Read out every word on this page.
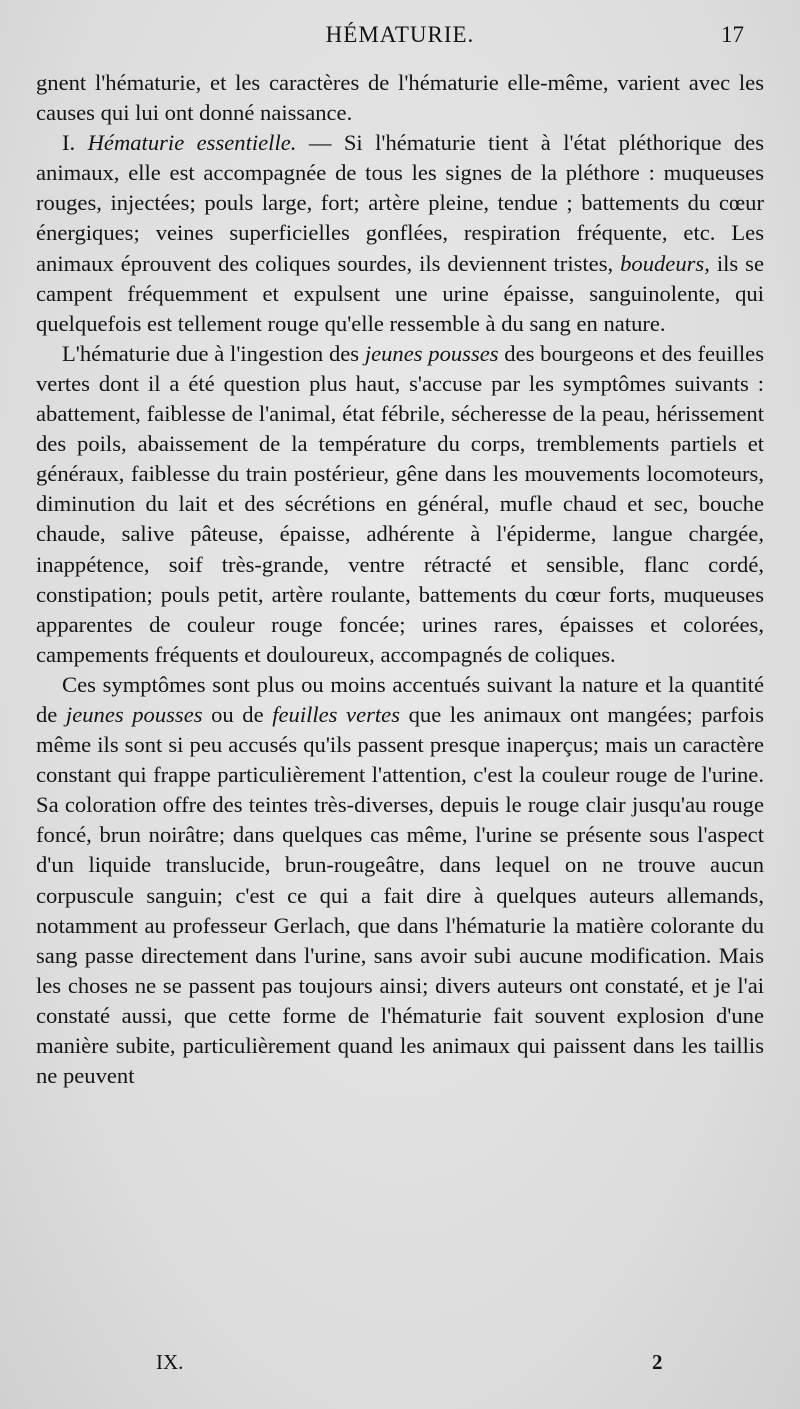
HÉMATURIE.	17

gnent l'hématurie, et les caractères de l'hématurie elle-même, varient avec les causes qui lui ont donné naissance.

I. Hématurie essentielle. — Si l'hématurie tient à l'état pléthorique des animaux, elle est accompagnée de tous les signes de la pléthore : muqueuses rouges, injectées; pouls large, fort; artère pleine, tendue ; battements du cœur énergiques; veines superficielles gonflées, respiration fréquente, etc. Les animaux éprouvent des coliques sourdes, ils deviennent tristes, boudeurs, ils se campent fréquemment et expulsent une urine épaisse, sanguinolente, qui quelquefois est tellement rouge qu'elle ressemble à du sang en nature.

L'hématurie due à l'ingestion des jeunes pousses des bourgeons et des feuilles vertes dont il a été question plus haut, s'accuse par les symptômes suivants : abattement, faiblesse de l'animal, état fébrile, sécheresse de la peau, hérissement des poils, abaissement de la température du corps, tremblements partiels et généraux, faiblesse du train postérieur, gêne dans les mouvements locomoteurs, diminution du lait et des sécrétions en général, mufle chaud et sec, bouche chaude, salive pâteuse, épaisse, adhérente à l'épiderme, langue chargée, inappétence, soif très-grande, ventre rétracté et sensible, flanc cordé, constipation; pouls petit, artère roulante, battements du cœur forts, muqueuses apparentes de couleur rouge foncée; urines rares, épaisses et colorées, campements fréquents et douloureux, accompagnés de coliques.

Ces symptômes sont plus ou moins accentués suivant la nature et la quantité de jeunes pousses ou de feuilles vertes que les animaux ont mangées; parfois même ils sont si peu accusés qu'ils passent presque inaperçus; mais un caractère constant qui frappe particulièrement l'attention, c'est la couleur rouge de l'urine. Sa coloration offre des teintes très-diverses, depuis le rouge clair jusqu'au rouge foncé, brun noirâtre; dans quelques cas même, l'urine se présente sous l'aspect d'un liquide translucide, brun-rougeâtre, dans lequel on ne trouve aucun corpuscule sanguin; c'est ce qui a fait dire à quelques auteurs allemands, notamment au professeur Gerlach, que dans l'hématurie la matière colorante du sang passe directement dans l'urine, sans avoir subi aucune modification. Mais les choses ne se passent pas toujours ainsi; divers auteurs ont constaté, et je l'ai constaté aussi, que cette forme de l'hématurie fait souvent explosion d'une manière subite, particulièrement quand les animaux qui paissent dans les taillis ne peuvent

IX.	2
